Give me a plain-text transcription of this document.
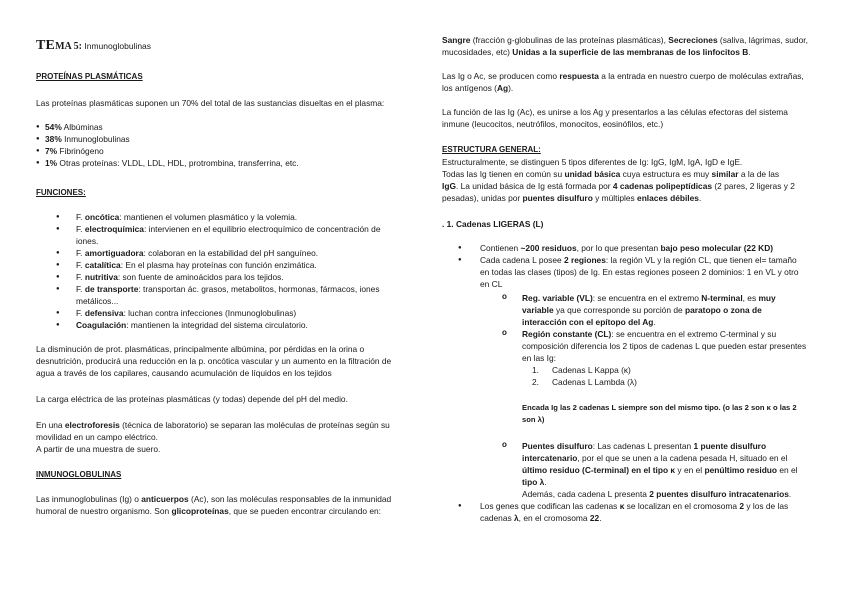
TEMA 5: Inmunoglobulinas

PROTEÍNAS PLASMÁTICAS

Las proteínas plasmáticas suponen un 70% del total de las sustancias disueltas en el plasma:

● 54% Albúminas
● 38% Inmunoglobulinas
● 7% Fibrinógeno
● 1% Otras proteínas: VLDL, LDL, HDL, protrombina, transferrina, etc.

FUNCIONES:

● F. oncótica: mantienen el volumen plasmático y la volemia.
● F. electroquímica: intervienen en el equilibrio electroquímico de concentración de iones.
● F. amortiguadora: colaboran en la estabilidad del pH sanguíneo.
● F. catalítica: En el plasma hay proteínas con función enzimática.
● F. nutritiva: son fuente de aminoácidos para los tejidos.
● F. de transporte: transportan ác. grasos, metabolitos, hormonas, fármacos, iones metálicos...
● F. defensiva: luchan contra infecciones (Inmunoglobulinas)
● Coagulación: mantienen la integridad del sistema circulatorio.

La disminución de prot. plasmáticas, principalmente albúmina, por pérdidas en la orina o desnutrición, producirá una reducción en la p. oncótica vascular y un aumento en la filtración de agua a través de los capilares, causando acumulación de líquidos en los tejidos

La carga eléctrica de las proteínas plasmáticas (y todas) depende del pH del medio.

En una electroforesis (técnica de laboratorio) se separan las moléculas de proteínas según su movilidad en un campo eléctrico.
A partir de una muestra de suero.

INMUNOGLOBULINAS

Las inmunoglobulinas (Ig) o anticuerpos (Ac), son las moléculas responsables de la inmunidad humoral de nuestro organismo. Son glicoproteínas, que se pueden encontrar circulando en:

Sangre (fracción g-globulinas de las proteínas plasmáticas), Secreciones (saliva, lágrimas, sudor, mucosidades, etc) Unidas a la superficie de las membranas de los linfocitos B.

Las Ig o Ac, se producen como respuesta a la entrada en nuestro cuerpo de moléculas extrañas, los antígenos (Ag).

La función de las Ig (Ac), es unirse a los Ag y presentarlos a las células efectoras del sistema inmune (leucocitos, neutrófilos, monocitos, eosinófilos, etc.)

ESTRUCTURA GENERAL:

Estructuralmente, se distinguen 5 tipos diferentes de Ig: IgG, IgM, IgA, IgD e IgE.
Todas las Ig tienen en común su unidad básica cuya estructura es muy similar a la de las
IgG. La unidad básica de Ig está formada por 4 cadenas polipeptídicas (2 pares, 2 ligeras y 2 pesadas), unidas por puentes disulfuro y múltiples enlaces débiles.

. 1. Cadenas LIGERAS (L)

● Contienen ~200 residuos, por lo que presentan bajo peso molecular (22 KD)
● Cada cadena L posee 2 regiones: la región VL y la región CL, que tienen el= tamaño en todas las clases (tipos) de Ig. En estas regiones poseen 2 dominios: 1 en VL y otro en CL
o Reg. variable (VL): se encuentra en el extremo N-terminal, es muy variable ya que corresponde su porción de paratopo o zona de interacción con el epítopo del Ag.
o Región constante (CL): se encuentra en el extremo C-terminal y su composición diferencia los 2 tipos de cadenas L que pueden estar presentes en las Ig:
1. Cadenas L Kappa (κ)
2. Cadenas L Lambda (λ)

Encada Ig las 2 cadenas L siempre son del mismo tipo. (o las 2 son κ o las 2 son λ)

o Puentes disulfuro: Las cadenas L presentan 1 puente disulfuro intercatenario, por el que se unen a la cadena pesada H, situado en el último residuo (C-terminal) en el tipo κ y en el penúltimo residuo en el tipo λ.

Además, cada cadena L presenta 2 puentes disulfuro intracatenarios.

● Los genes que codifican las cadenas κ se localizan en el cromosoma 2 y los de las cadenas λ, en el cromosoma 22.
